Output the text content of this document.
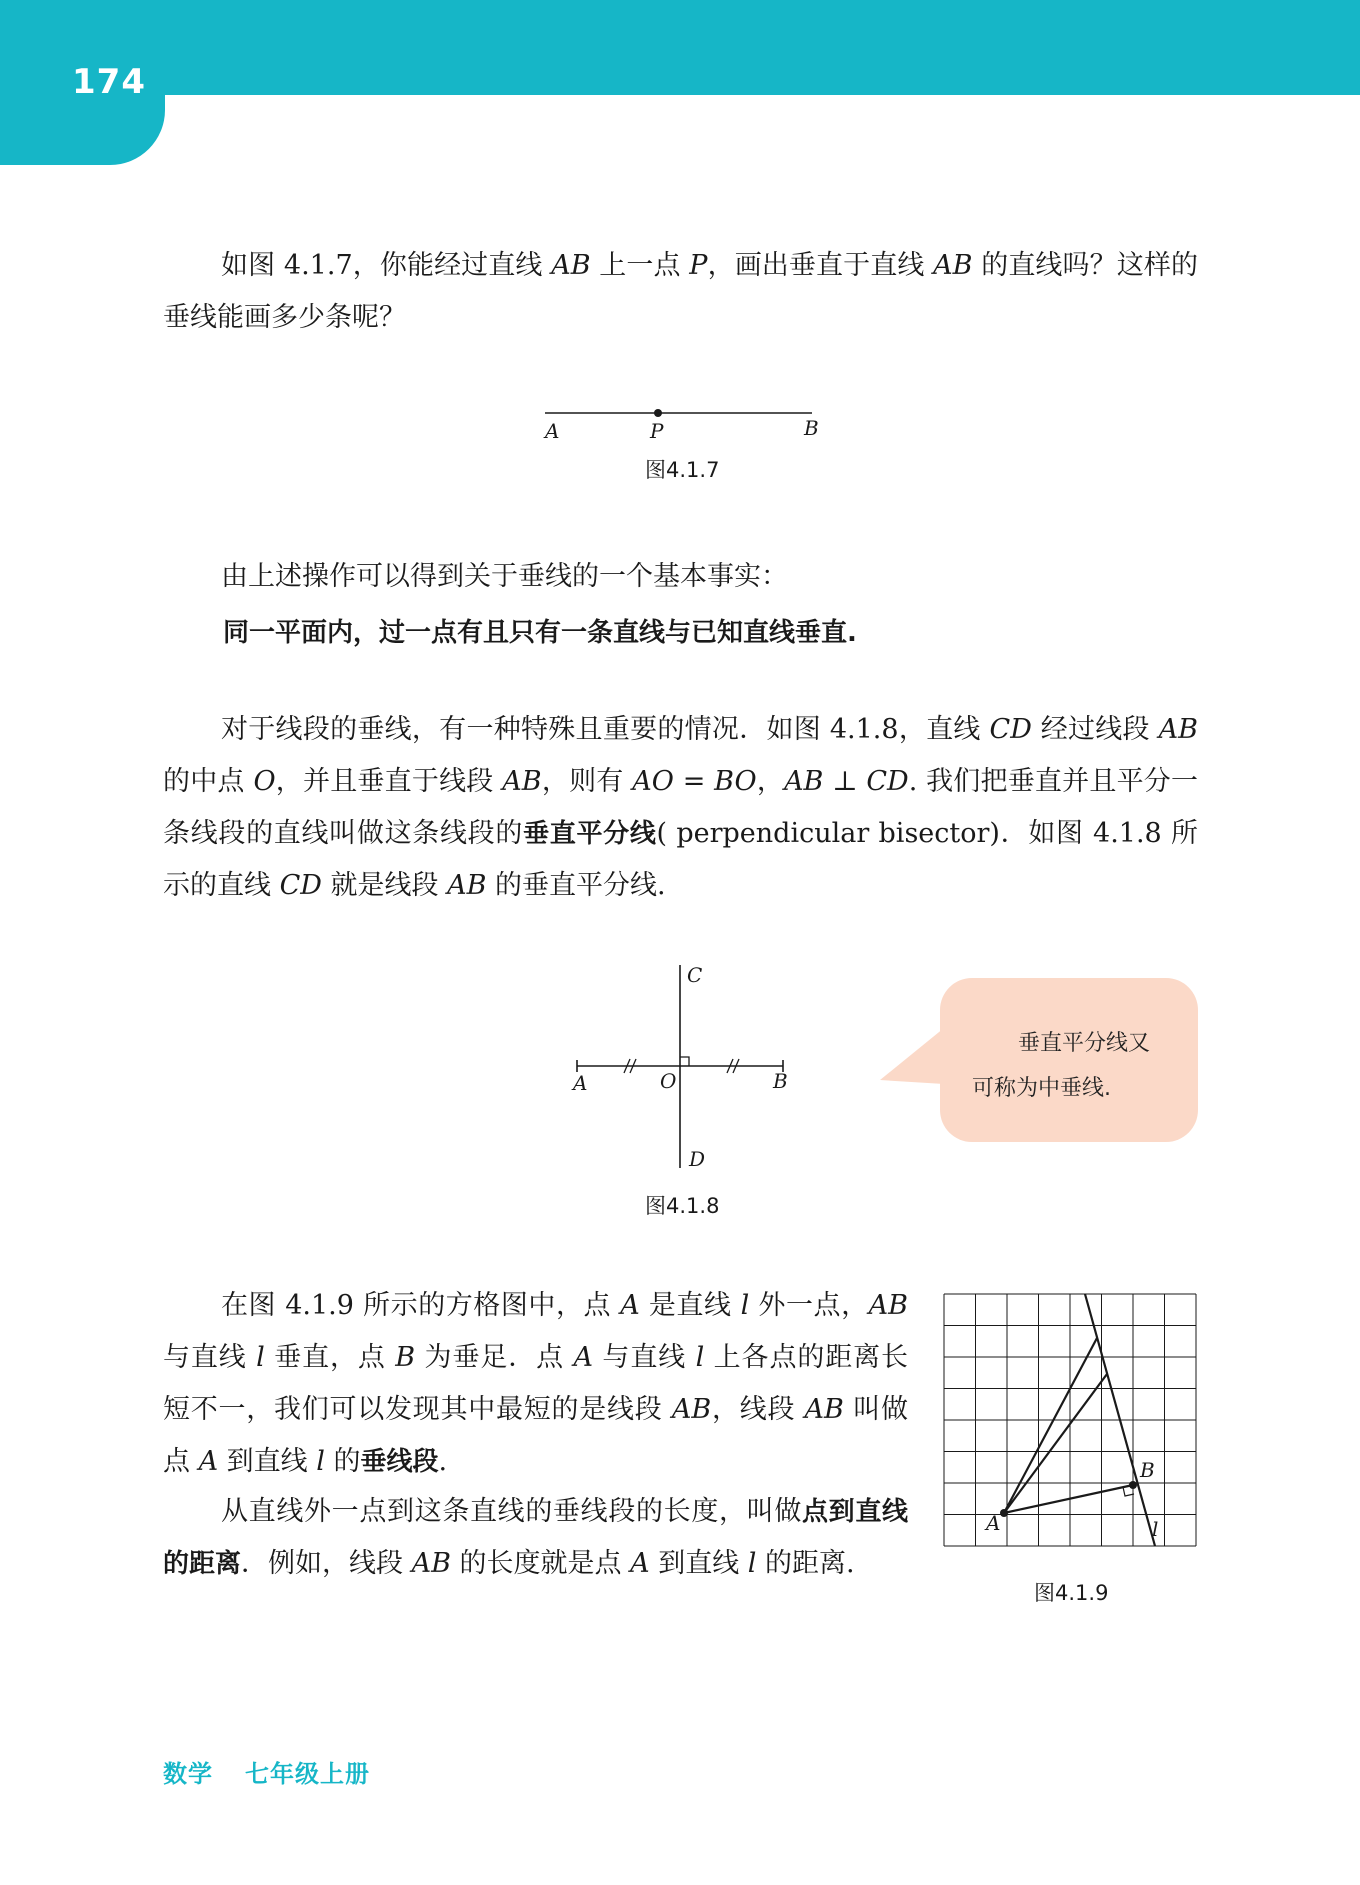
174

如图 4.1.7，你能经过直线 AB 上一点 P，画出垂直于直线 AB 的直线吗？这样的垂线能画多少条呢？

A	P	B
图4.1.7

由上述操作可以得到关于垂线的一个基本事实：

同一平面内，过一点有且只有一条直线与已知直线垂直.

对于线段的垂线，有一种特殊且重要的情况．如图 4.1.8，直线 CD 经过线段 AB 的中点 O，并且垂直于线段 AB，则有 AO = BO，AB ⊥ CD. 我们把垂直并且平分一条线段的直线叫做这条线段的垂直平分线( perpendicular bisector)．如图 4.1.8 所示的直线 CD 就是线段 AB 的垂直平分线.

C
A	O	B
D
图4.1.8
垂直平分线又
可称为中垂线.

在图 4.1.9 所示的方格图中，点 A 是直线 l 外一点，AB 与直线 l 垂直，点 B 为垂足．点 A 与直线 l 上各点的距离长短不一，我们可以发现其中最短的是线段 AB，线段 AB 叫做点 A 到直线 l 的垂线段.

从直线外一点到这条直线的垂线段的长度，叫做点到直线的距离．例如，线段 AB 的长度就是点 A 到直线 l 的距离.

A
B
l
图4.1.9
数学 七年级上册
